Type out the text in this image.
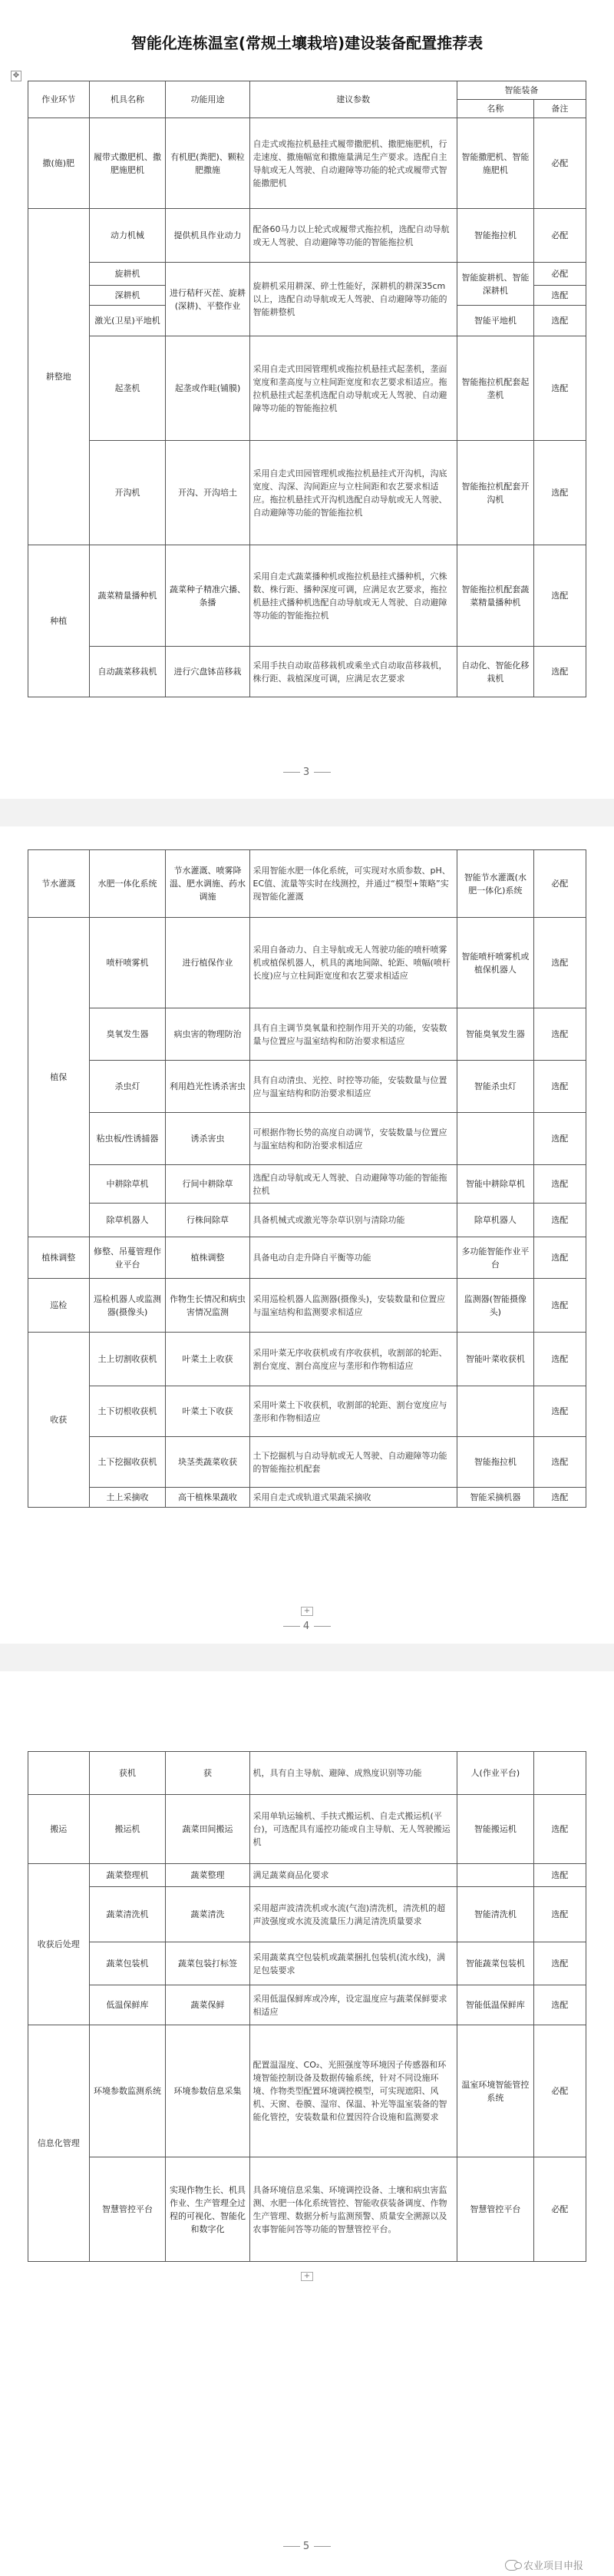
智能化连栋温室(常规土壤栽培)建设装备配置推荐表
✥
作业环节	机具名称	功能用途	建议参数	智能装备	
				名称	备注
撒(施)肥	履带式撒肥机、撒肥施肥机	有机肥(粪肥)、颗粒肥撒施	自走式或拖拉机悬挂式履带撒肥机、撒肥施肥机，行走速度、撒施幅宽和撒施量满足生产要求。选配自主导航或无人驾驶、自动避障等功能的轮式或履带式智能撒肥机	智能撒肥机、智能施肥机	必配
耕整地	动力机械	提供机具作业动力	配备60马力以上轮式或履带式拖拉机，选配自动导航或无人驾驶、自动避障等功能的智能拖拉机	智能拖拉机	必配
	旋耕机	进行秸秆灭茬、旋耕(深耕)、平整作业	旋耕机采用耕深、碎土性能好，深耕机的耕深35cm以上，选配自动导航或无人驾驶、自动避障等功能的智能耕整机	智能旋耕机、智能深耕机	必配
	深耕机				选配
	激光(卫星)平地机			智能平地机	选配
	起垄机	起垄或作畦(铺膜)	采用自走式田园管理机或拖拉机悬挂式起垄机，垄面宽度和垄高度与立柱间距宽度和农艺要求相适应。拖拉机悬挂式起垄机选配自动导航或无人驾驶、自动避障等功能的智能拖拉机	智能拖拉机配套起垄机	选配
	开沟机	开沟、开沟培土	采用自走式田园管理机或拖拉机悬挂式开沟机，沟底宽度、沟深、沟间距应与立柱间距和农艺要求相适应。拖拉机悬挂式开沟机选配自动导航或无人驾驶、自动避障等功能的智能拖拉机	智能拖拉机配套开沟机	选配
种植	蔬菜精量播种机	蔬菜种子精准穴播、条播	采用自走式蔬菜播种机或拖拉机悬挂式播种机，穴株数、株行距、播种深度可调，应满足农艺要求，拖拉机悬挂式播种机选配自动导航或无人驾驶、自动避障等功能的智能拖拉机	智能拖拉机配套蔬菜精量播种机	选配
	自动蔬菜移栽机	进行穴盘钵苗移栽	采用手扶自动取苗移栽机或乘坐式自动取苗移栽机，株行距、栽植深度可调，应满足农艺要求	自动化、智能化移栽机	选配
3
节水灌溉	水肥一体化系统	节水灌溉、喷雾降温、肥水调施、药水调施	采用智能水肥一体化系统，可实现对水质参数、pH、EC值、流量等实时在线测控，并通过“模型+策略”实现智能化灌溉	智能节水灌溉(水肥一体化)系统	必配
植保	喷杆喷雾机	进行植保作业	采用自备动力、自主导航或无人驾驶功能的喷杆喷雾机或植保机器人，机具的离地间隙、轮距、喷幅(喷杆长度)应与立柱间距宽度和农艺要求相适应	智能喷杆喷雾机或植保机器人	选配
	臭氧发生器	病虫害的物理防治	具有自主调节臭氧量和控制作用开关的功能，安装数量与位置应与温室结构和防治要求相适应	智能臭氧发生器	选配
	杀虫灯	利用趋光性诱杀害虫	具有自动清虫、光控、时控等功能，安装数量与位置应与温室结构和防治要求相适应	智能杀虫灯	选配
	粘虫板/性诱捕器	诱杀害虫	可根据作物长势的高度自动调节，安装数量与位置应与温室结构和防治要求相适应		选配
	中耕除草机	行间中耕除草	选配自动导航或无人驾驶、自动避障等功能的智能拖拉机	智能中耕除草机	选配
	除草机器人	行株间除草	具备机械式或激光等杂草识别与清除功能	除草机器人	选配
植株调整	修整、吊蔓管理作业平台	植株调整	具备电动自走升降自平衡等功能	多功能智能作业平台	选配
巡检	巡检机器人或监测器(摄像头)	作物生长情况和病虫害情况监测	采用巡检机器人监测器(摄像头)，安装数量和位置应与温室结构和监测要求相适应	监测器(智能摄像头)	选配
收获	土上切割收获机	叶菜土上收获	采用叶菜无序收获机或有序收获机，收割部的轮距、割台宽度、割台高度应与垄形和作物相适应	智能叶菜收获机	选配
	土下切根收获机	叶菜土下收获	采用叶菜土下收获机，收割部的轮距、割台宽度应与垄形和作物相适应		选配
	土下挖掘收获机	块茎类蔬菜收获	土下挖掘机与自动导航或无人驾驶、自动避障等功能的智能拖拉机配套	智能拖拉机	选配
	土上采摘收	高干植株果蔬收	采用自走式或轨道式果蔬采摘收	智能采摘机器	选配
+
4
	获机	获	机，具有自主导航、避障、成熟度识别等功能	人(作业平台)	
搬运	搬运机	蔬菜田间搬运	采用单轨运输机、手扶式搬运机、自走式搬运机(平台)，可选配具有遥控功能或自主导航、无人驾驶搬运机	智能搬运机	选配
收获后处理	蔬菜整理机	蔬菜整理	满足蔬菜商品化要求		选配
	蔬菜清洗机	蔬菜清洗	采用超声波清洗机或水流(气泡)清洗机，清洗机的超声波强度或水流及流量压力满足清洗质量要求	智能清洗机	选配
	蔬菜包装机	蔬菜包装打标签	采用蔬菜真空包装机或蔬菜捆扎包装机(流水线)，满足包装要求	智能蔬菜包装机	选配
	低温保鲜库	蔬菜保鲜	采用低温保鲜库或冷库，设定温度应与蔬菜保鲜要求相适应	智能低温保鲜库	选配
信息化管理	环境参数监测系统	环境参数信息采集	配置温湿度、CO₂、光照强度等环境因子传感器和环境智能控制设备及数据传输系统，针对不同设施环境、作物类型配置环境调控模型，可实现遮阳、风机、天窗、卷膜、湿帘、保温、补光等温室装备的智能化管控，安装数量和位置因符合设施和监测要求	温室环境智能管控系统	必配
	智慧管控平台	实现作物生长、机具作业、生产管理全过程的可视化、智能化和数字化	具备环境信息采集、环境调控设备、土壤和病虫害监测、水肥一体化系统管控、智能收获装备调度、作物生产管理、数据分析与监测预警、质量安全溯源以及农事智能问答等功能的智慧管控平台。	智慧管控平台	必配
+
5
农业项目申报
